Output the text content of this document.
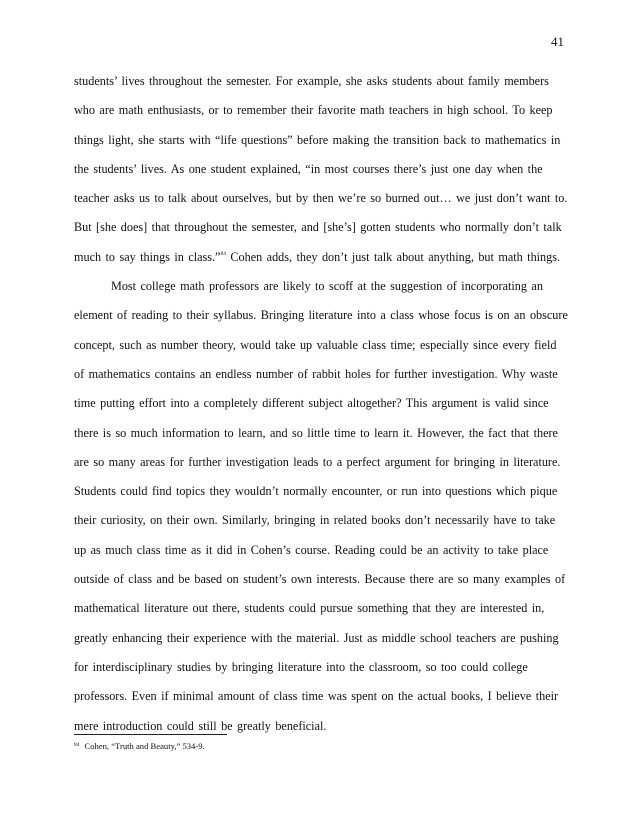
41
students’ lives throughout the semester. For example, she asks students about family members
who are math enthusiasts, or to remember their favorite math teachers in high school. To keep
things light, she starts with “life questions” before making the transition back to mathematics in
the students’ lives. As one student explained, “in most courses there’s just one day when the
teacher asks us to talk about ourselves, but by then we’re so burned out… we just don’t want to.
But [she does] that throughout the semester, and [she’s] gotten students who normally don’t talk
much to say things in class.”$^{84}$ Cohen adds, they don’t just talk about anything, but math things.
Most college math professors are likely to scoff at the suggestion of incorporating an
element of reading to their syllabus. Bringing literature into a class whose focus is on an obscure
concept, such as number theory, would take up valuable class time; especially since every field
of mathematics contains an endless number of rabbit holes for further investigation. Why waste
time putting effort into a completely different subject altogether? This argument is valid since
there is so much information to learn, and so little time to learn it. However, the fact that there
are so many areas for further investigation leads to a perfect argument for bringing in literature.
Students could find topics they wouldn’t normally encounter, or run into questions which pique
their curiosity, on their own. Similarly, bringing in related books don’t necessarily have to take
up as much class time as it did in Cohen’s course. Reading could be an activity to take place
outside of class and be based on student’s own interests. Because there are so many examples of
mathematical literature out there, students could pursue something that they are interested in,
greatly enhancing their experience with the material. Just as middle school teachers are pushing
for interdisciplinary studies by bringing literature into the classroom, so too could college
professors. Even if minimal amount of class time was spent on the actual books, I believe their
mere introduction could still be greatly beneficial.
$^{84}$ Cohen, “Truth and Beauty,” 534-9.
